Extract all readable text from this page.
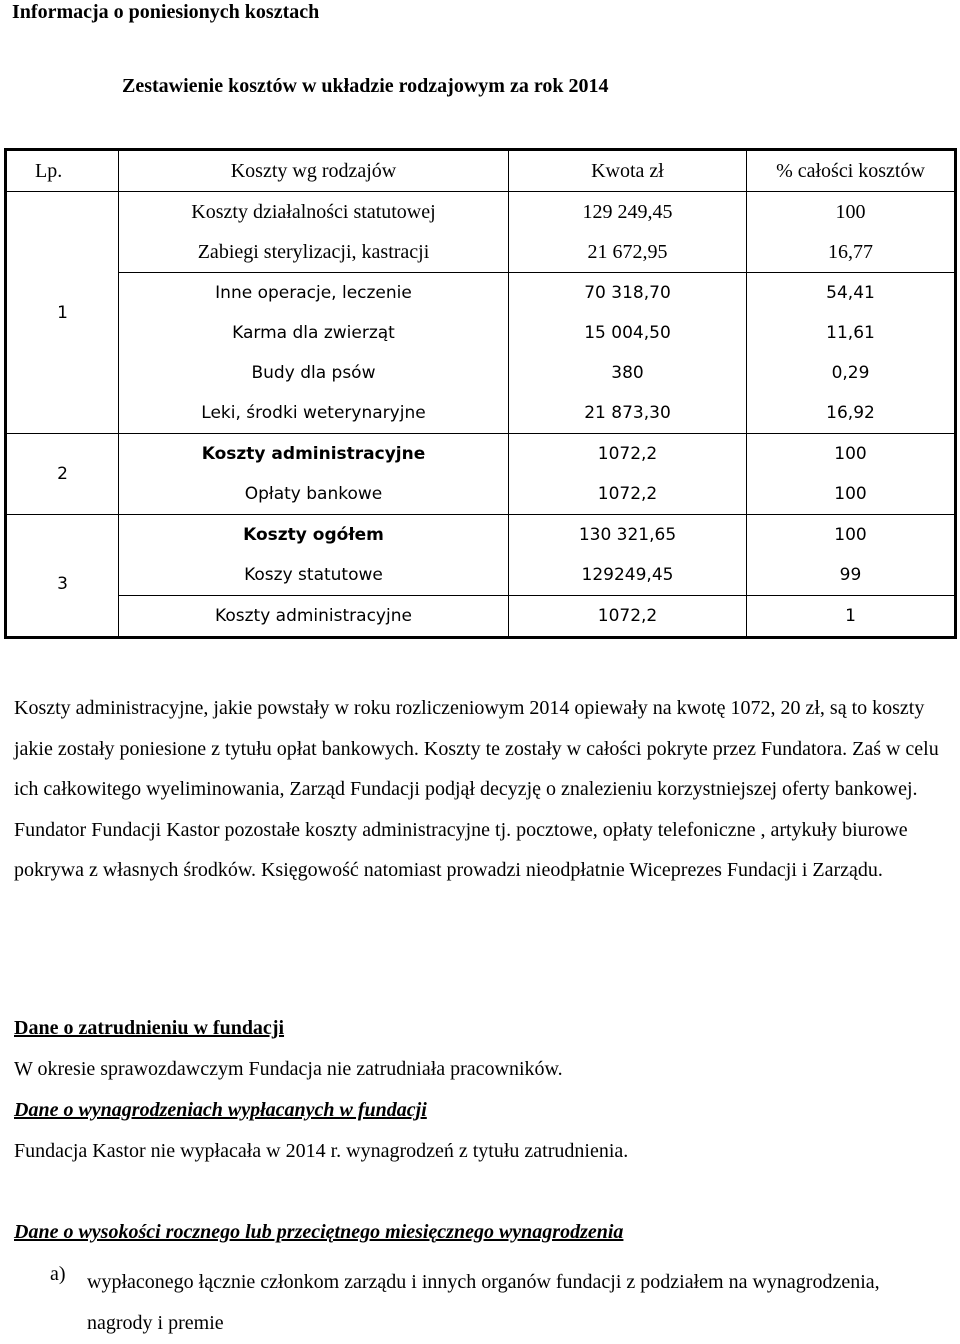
Informacja o poniesionych kosztach
Zestawienie kosztów w układzie rodzajowym za rok 2014
Lp.	Koszty wg rodzajów	Kwota zł	% całości kosztów
1	Koszty działalności statutowej	129 249,45	100
	Zabiegi sterylizacji, kastracji	21 672,95	16,77
	Inne operacje, leczenie	70 318,70	54,41
	Karma dla zwierząt	15 004,50	11,61
	Budy dla psów	380	0,29
	Leki, środki weterynaryjne	21 873,30	16,92
2	Koszty administracyjne	1072,2	100
	Opłaty bankowe	1072,2	100
3	Koszty ogółem	130 321,65	100
	Koszy statutowe	129249,45	99
	Koszty administracyjne	1072,2	1

Koszty administracyjne, jakie powstały w roku rozliczeniowym 2014 opiewały na kwotę 1072, 20 zł, są to koszty jakie zostały poniesione z tytułu opłat bankowych. Koszty te zostały w całości pokryte przez Fundatora. Zaś w celu ich całkowitego wyeliminowania, Zarząd Fundacji podjął decyzję o znalezieniu korzystniejszej oferty bankowej. Fundator Fundacji Kastor pozostałe koszty administracyjne tj. pocztowe, opłaty telefoniczne , artykuły biurowe pokrywa z własnych środków. Księgowość natomiast prowadzi nieodpłatnie Wiceprezes Fundacji i Zarządu.

Dane o zatrudnieniu w fundacji
W okresie sprawozdawczym Fundacja nie zatrudniała pracowników.
Dane o wynagrodzeniach wypłacanych w fundacji
Fundacja Kastor nie wypłacała w 2014 r. wynagrodzeń z tytułu zatrudnienia.
Dane o wysokości rocznego lub przeciętnego miesięcznego wynagrodzenia
a) wypłaconego łącznie członkom zarządu i innych organów fundacji z podziałem na wynagrodzenia, nagrody i premie
